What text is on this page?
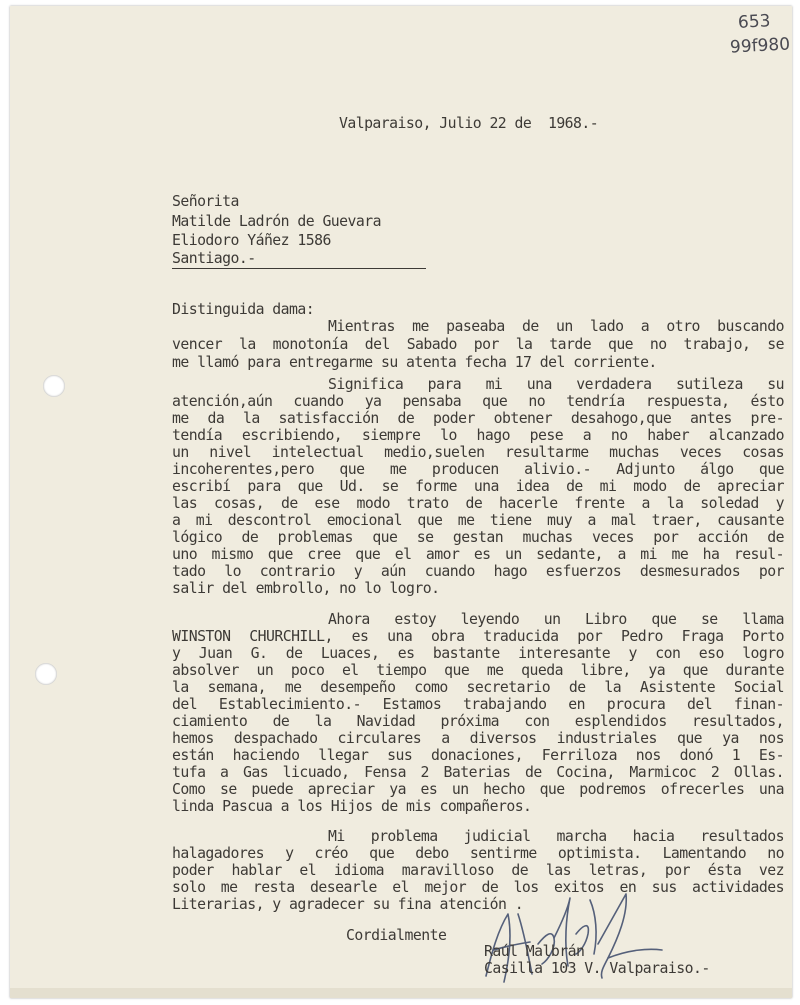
653
99f980
Valparaiso, Julio 22 de  1968.-
Señorita
Matilde Ladrón de Guevara
Eliodoro Yáñez 1586
Santiago.-
Distinguida dama:
Mientras me paseaba de un lado a otro buscando
vencer la monotonía del Sabado por la tarde que no trabajo, se
me llamó para entregarme su atenta fecha 17 del corriente.
Significa para mi una verdadera sutileza su
atención,aún cuando ya pensaba que no tendría respuesta, ésto
me da la satisfacción de poder obtener desahogo,que antes pre-
tendía escribiendo, siempre lo hago pese a no haber alcanzado
un nivel intelectual medio,suelen resultarme muchas veces cosas
incoherentes,pero que me producen alivio.- Adjunto álgo que
escribí para que Ud. se forme una idea de mi modo de apreciar
las cosas, de ese modo trato de hacerle frente a la soledad y
a mi descontrol emocional que me tiene muy a mal traer, causante
lógico de problemas que se gestan muchas veces por acción de
uno mismo que cree que el amor es un sedante, a mi me ha resul-
tado lo contrario y aún cuando hago esfuerzos desmesurados por
salir del embrollo, no lo logro.
Ahora estoy leyendo un Libro que se llama
WINSTON CHURCHILL, es una obra traducida por Pedro Fraga Porto
y Juan G. de Luaces, es bastante interesante y con eso logro
absolver un poco el tiempo que me queda libre, ya que durante
la semana, me desempeño como secretario de la Asistente Social
del Establecimiento.- Estamos trabajando en procura del finan-
ciamiento de la Navidad próxima con esplendidos resultados,
hemos despachado circulares a diversos industriales que ya nos
están haciendo llegar sus donaciones, Ferriloza nos donó 1 Es-
tufa a Gas licuado, Fensa 2 Baterias de Cocina, Marmicoc 2 Ollas.
Como se puede apreciar ya es un hecho que podremos ofrecerles una
linda Pascua a los Hijos de mis compañeros.
Mi problema judicial marcha hacia resultados
halagadores y créo que debo sentirme optimista. Lamentando no
poder hablar el idioma maravilloso de las letras, por ésta vez
solo me resta desearle el mejor de los exitos en sus actividades
Literarias, y agradecer su fina atención .
Cordialmente
Raúl Malbrán
Casilla 103 V. Valparaiso.-
